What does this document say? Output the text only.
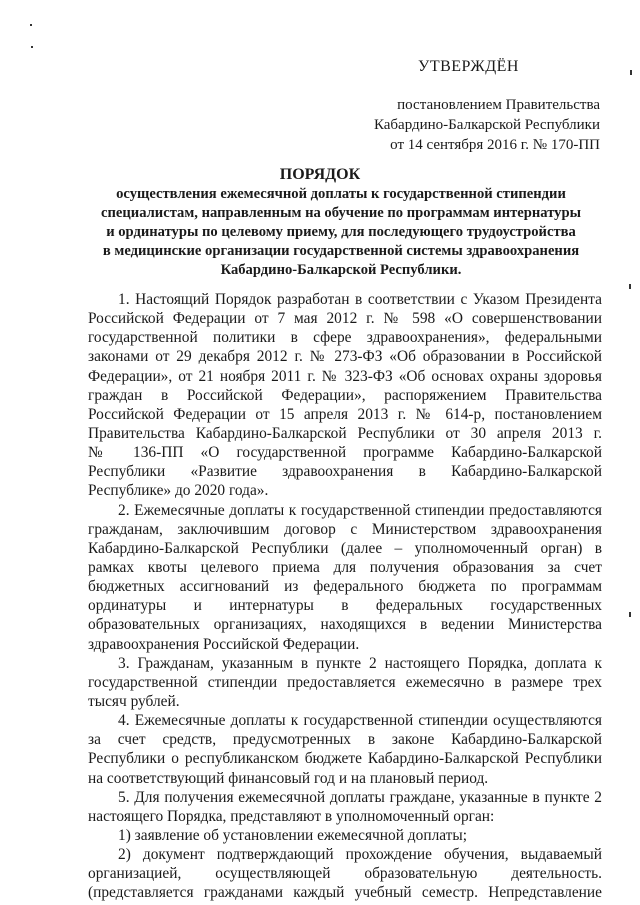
УТВЕРЖДЁН
постановлением Правительства
Кабардино-Балкарской Республики
от 14 сентября 2016 г. № 170-ПП
ПОРЯДОК
осуществления ежемесячной доплаты к государственной стипендии
специалистам, направленным на обучение по программам интернатуры
и ординатуры по целевому приему, для последующего трудоустройства
в медицинские организации государственной системы здравоохранения
Кабардино-Балкарской Республики.
1. Настоящий Порядок разработан в соответствии с Указом Президента
Российской Федерации от 7 мая 2012 г. № 598 «О совершенствовании
государственной политики в сфере здравоохранения», федеральными
законами от 29 декабря 2012 г. № 273-ФЗ «Об образовании в Российской
Федерации», от 21 ноября 2011 г. № 323-ФЗ «Об основах охраны здоровья
граждан в Российской Федерации», распоряжением Правительства
Российской Федерации от 15 апреля 2013 г. № 614-р, постановлением
Правительства Кабардино-Балкарской Республики от 30 апреля 2013 г.
№ 136-ПП «О государственной программе Кабардино-Балкарской
Республики «Развитие здравоохранения в Кабардино-Балкарской
Республике» до 2020 года».
2. Ежемесячные доплаты к государственной стипендии предоставляются
гражданам, заключившим договор с Министерством здравоохранения
Кабардино-Балкарской Республики (далее – уполномоченный орган) в
рамках квоты целевого приема для получения образования за счет
бюджетных ассигнований из федерального бюджета по программам
ординатуры и интернатуры в федеральных государственных
образовательных организациях, находящихся в ведении Министерства
здравоохранения Российской Федерации.
3. Гражданам, указанным в пункте 2 настоящего Порядка, доплата к
государственной стипендии предоставляется ежемесячно в размере трех
тысяч рублей.
4. Ежемесячные доплаты к государственной стипендии осуществляются
за счет средств, предусмотренных в законе Кабардино-Балкарской
Республики о республиканском бюджете Кабардино-Балкарской Республики
на соответствующий финансовый год и на плановый период.
5. Для получения ежемесячной доплаты граждане, указанные в пункте 2
настоящего Порядка, представляют в уполномоченный орган:
1) заявление об установлении ежемесячной доплаты;
2) документ подтверждающий прохождение обучения, выдаваемый
организацией, осуществляющей образовательную деятельность.
(представляется гражданами каждый учебный семестр. Непредставление
